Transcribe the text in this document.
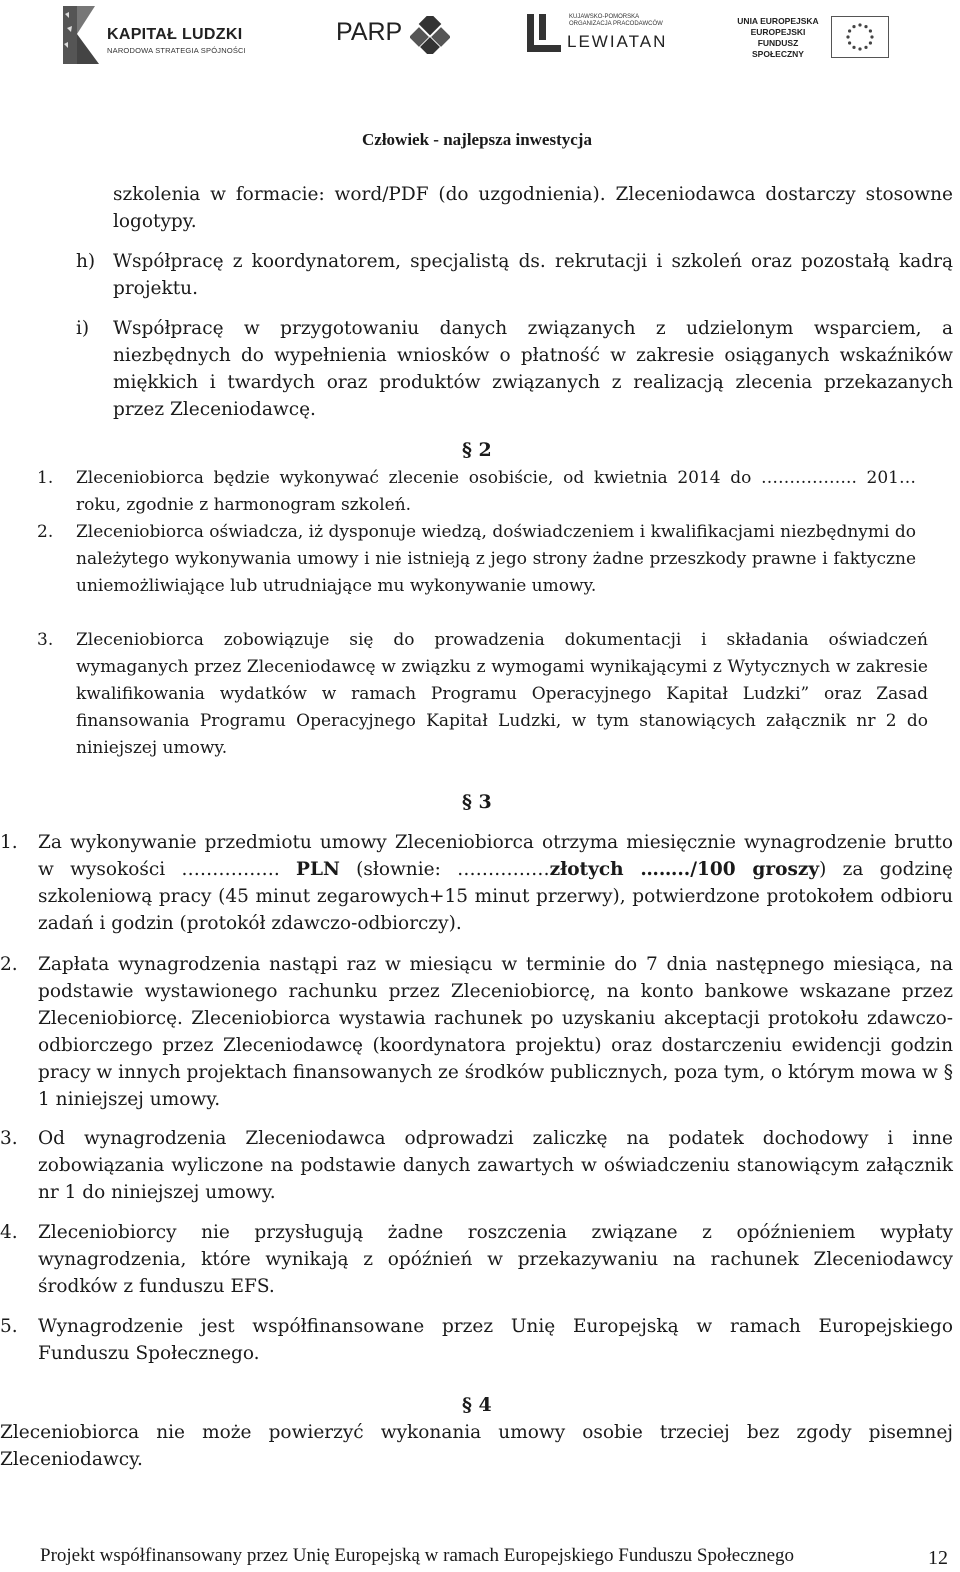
KAPITAŁ LUDZKI
NARODOWA STRATEGIA SPÓJNOŚCI
PARP
KUJAWSKO-POMORSKA
ORGANIZACJA PRACODAWCÓW
LEWIATAN
UNIA EUROPEJSKA
EUROPEJSKI
FUNDUSZ SPOŁECZNY
Człowiek - najlepsza inwestycja

szkolenia w formacie: word/PDF (do uzgodnienia). Zleceniodawca dostarczy stosowne logotypy.

h) Współpracę z koordynatorem, specjalistą ds. rekrutacji i szkoleń oraz pozostałą kadrą projektu.

i) Współpracę w przygotowaniu danych związanych z udzielonym wsparciem, a niezbędnych do wypełnienia wniosków o płatność w zakresie osiąganych wskaźników miękkich i twardych oraz produktów związanych z realizacją zlecenia przekazanych przez Zleceniodawcę.

§ 2
1. Zleceniobiorca będzie wykonywać zlecenie osobiście, od kwietnia 2014 do …………….. 201… roku, zgodnie z harmonogram szkoleń.

2. Zleceniobiorca oświadcza, iż dysponuje wiedzą, doświadczeniem i kwalifikacjami niezbędnymi do należytego wykonywania umowy i nie istnieją z jego strony żadne przeszkody prawne i faktyczne uniemożliwiające lub utrudniające mu wykonywanie umowy.

3. Zleceniobiorca zobowiązuje się do prowadzenia dokumentacji i składania oświadczeń wymaganych przez Zleceniodawcę w związku z wymogami wynikającymi z Wytycznych w zakresie kwalifikowania wydatków w ramach Programu Operacyjnego Kapitał Ludzki” oraz Zasad finansowania Programu Operacyjnego Kapitał Ludzki, w tym stanowiących załącznik nr 2 do niniejszej umowy.

§ 3
1. Za wykonywanie przedmiotu umowy Zleceniobiorca otrzyma miesięcznie wynagrodzenie brutto w wysokości ……………. PLN (słownie: ……………złotych ……../100 groszy) za godzinę szkoleniową pracy (45 minut zegarowych+15 minut przerwy), potwierdzone protokołem odbioru zadań i godzin (protokół zdawczo-odbiorczy).

2. Zapłata wynagrodzenia nastąpi raz w miesiącu w terminie do 7 dnia następnego miesiąca, na podstawie wystawionego rachunku przez Zleceniobiorcę, na konto bankowe wskazane przez Zleceniobiorcę. Zleceniobiorca wystawia rachunek po uzyskaniu akceptacji protokołu zdawczo-odbiorczego przez Zleceniodawcę (koordynatora projektu) oraz dostarczeniu ewidencji godzin pracy w innych projektach finansowanych ze środków publicznych, poza tym, o którym mowa w § 1 niniejszej umowy.

3. Od wynagrodzenia Zleceniodawca odprowadzi zaliczkę na podatek dochodowy i inne zobowiązania wyliczone na podstawie danych zawartych w oświadczeniu stanowiącym załącznik nr 1 do niniejszej umowy.

4. Zleceniobiorcy nie przysługują żadne roszczenia związane z opóźnieniem wypłaty wynagrodzenia, które wynikają z opóźnień w przekazywaniu na rachunek Zleceniodawcy środków z funduszu EFS.

5. Wynagrodzenie jest współfinansowane przez Unię Europejską w ramach Europejskiego Funduszu Społecznego.

§ 4

Zleceniobiorca nie może powierzyć wykonania umowy osobie trzeciej bez zgody pisemnej Zleceniodawcy.

Projekt współfinansowany przez Unię Europejską w ramach Europejskiego Funduszu Społecznego	12
